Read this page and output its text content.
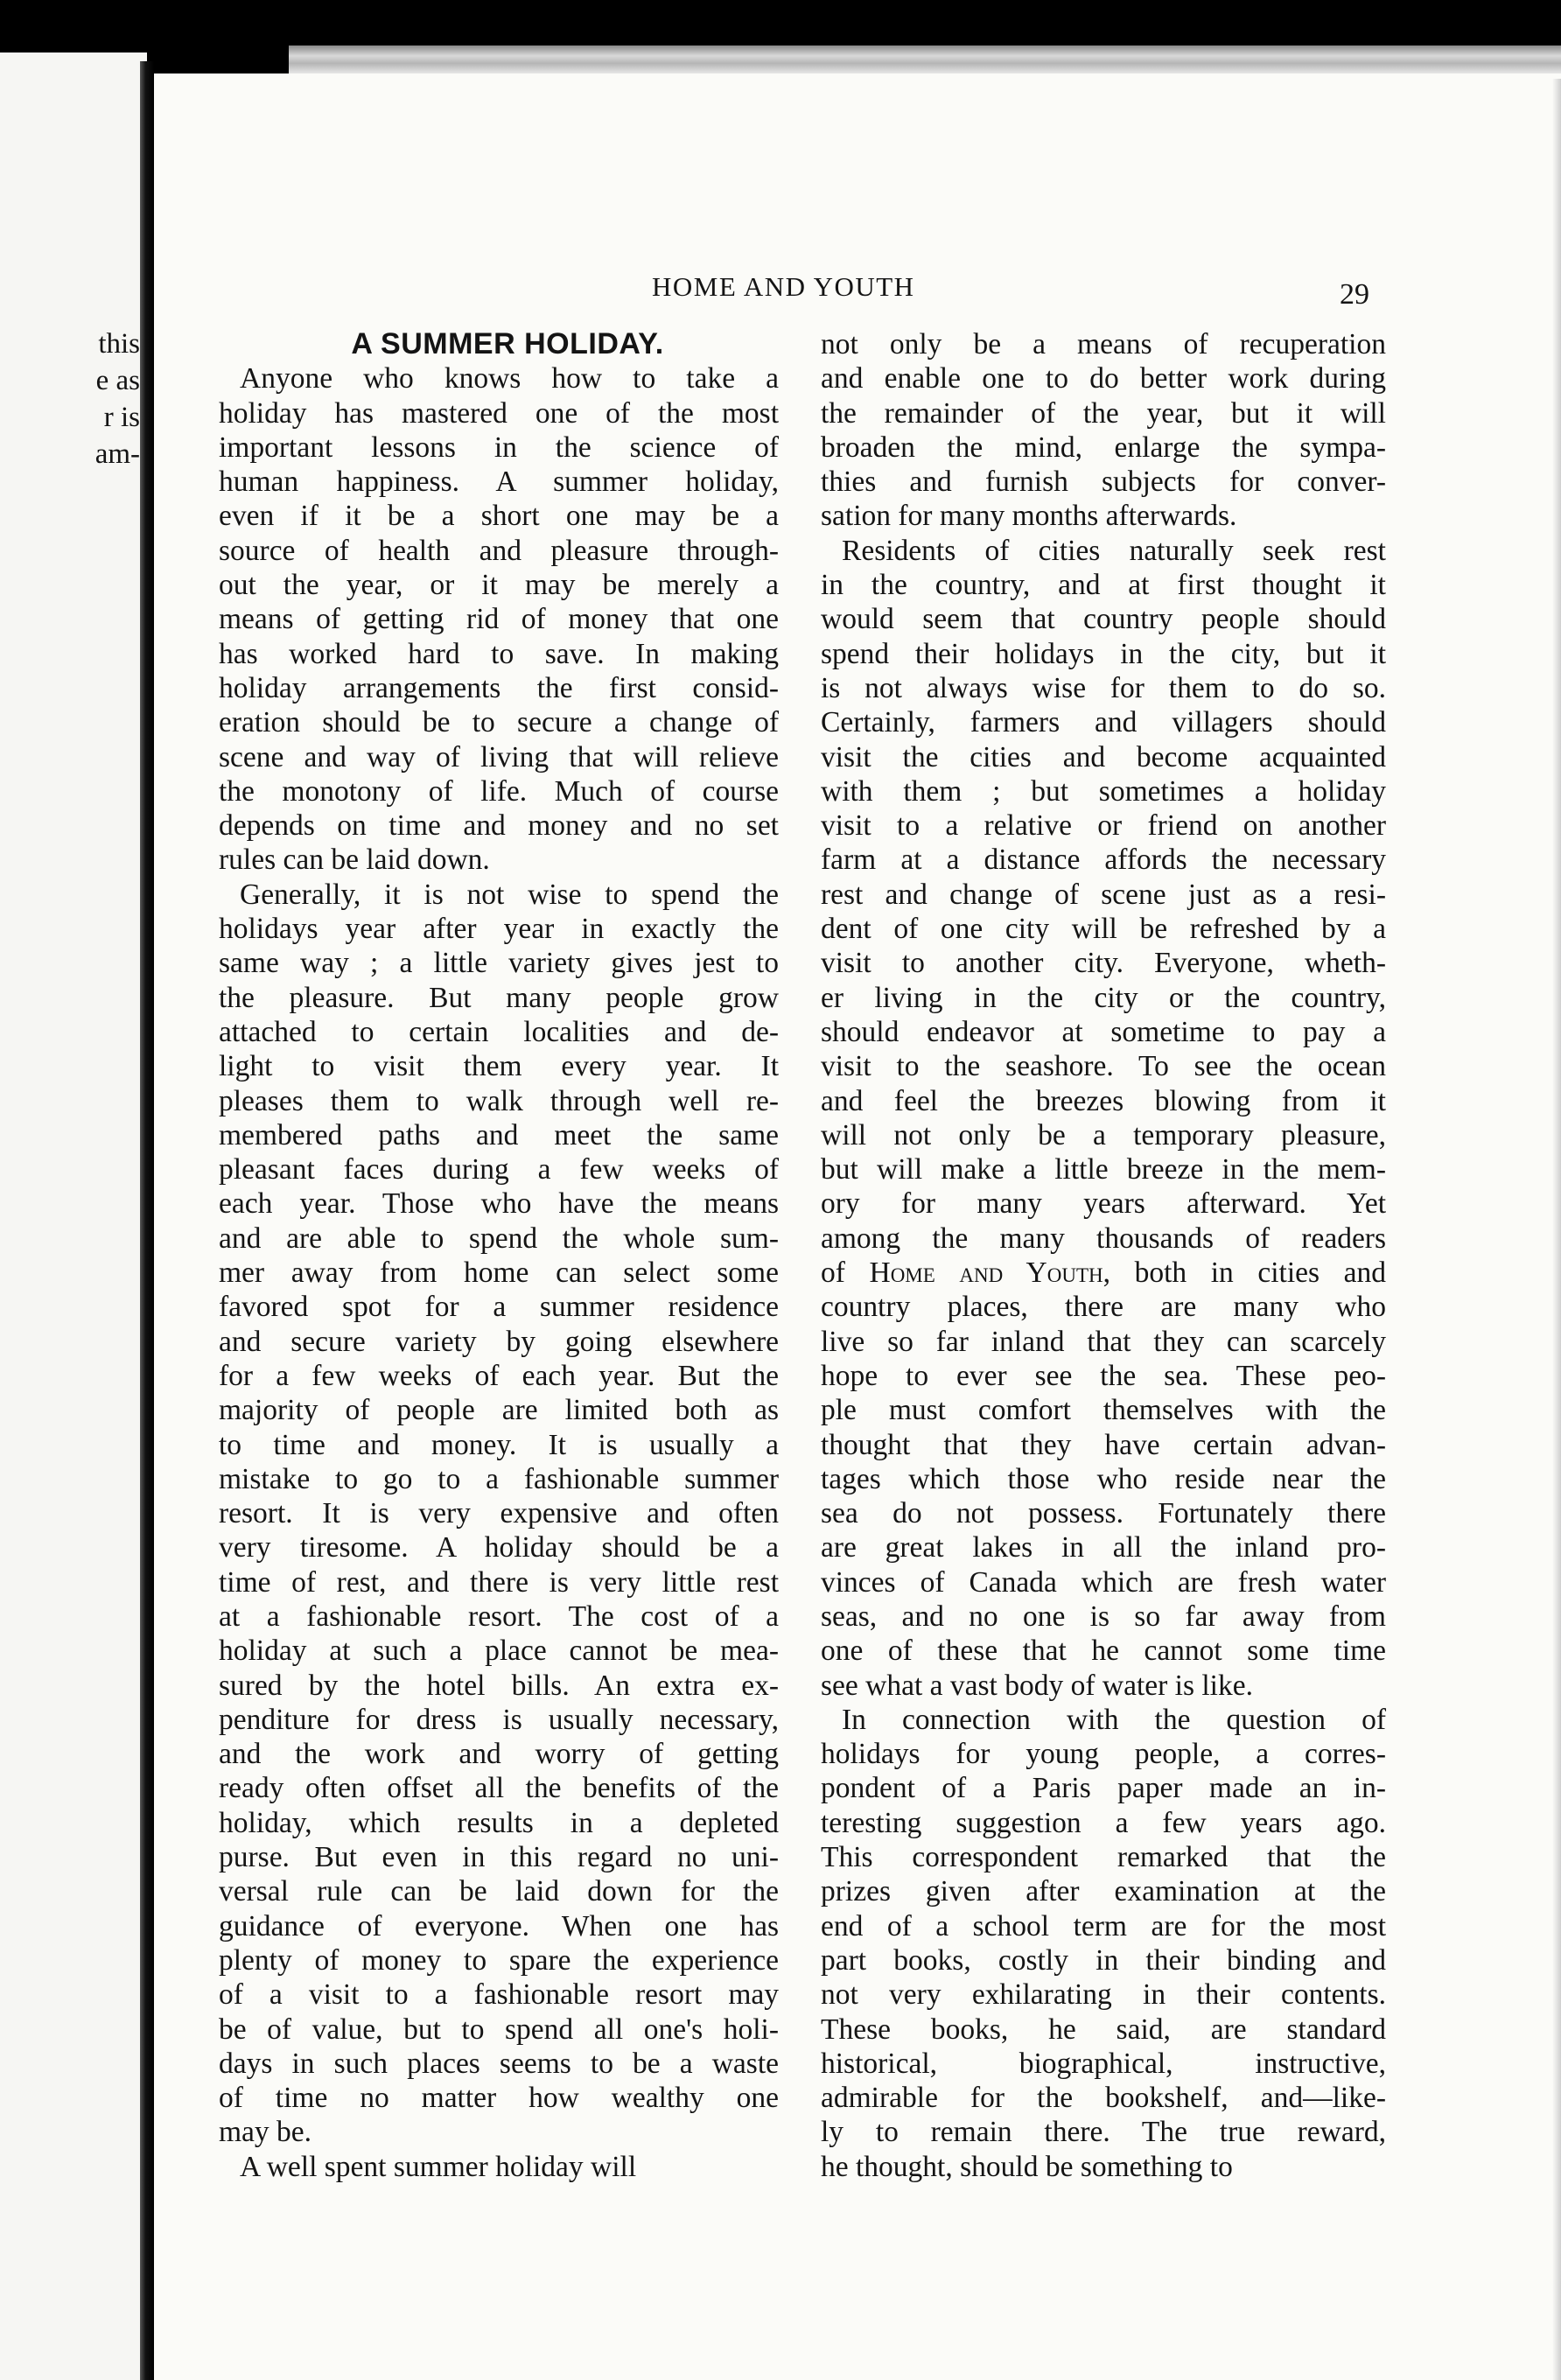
this
e as
r is
am-
HOME AND YOUTH	29
A SUMMER HOLIDAY.
Anyone who knows how to take a
holiday has mastered one of the most
important lessons in the science of
human happiness. A summer holiday,
even if it be a short one may be a
source of health and pleasure through-
out the year, or it may be merely a
means of getting rid of money that one
has worked hard to save. In making
holiday arrangements the first consid-
eration should be to secure a change of
scene and way of living that will relieve
the monotony of life. Much of course
depends on time and money and no set
rules can be laid down.
Generally, it is not wise to spend the
holidays year after year in exactly the
same way ; a little variety gives jest to
the pleasure. But many people grow
attached to certain localities and de-
light to visit them every year. It
pleases them to walk through well re-
membered paths and meet the same
pleasant faces during a few weeks of
each year. Those who have the means
and are able to spend the whole sum-
mer away from home can select some
favored spot for a summer residence
and secure variety by going elsewhere
for a few weeks of each year. But the
majority of people are limited both as
to time and money. It is usually a
mistake to go to a fashionable summer
resort. It is very expensive and often
very tiresome. A holiday should be a
time of rest, and there is very little rest
at a fashionable resort. The cost of a
holiday at such a place cannot be mea-
sured by the hotel bills. An extra ex-
penditure for dress is usually necessary,
and the work and worry of getting
ready often offset all the benefits of the
holiday, which results in a depleted
purse. But even in this regard no uni-
versal rule can be laid down for the
guidance of everyone. When one has
plenty of money to spare the experience
of a visit to a fashionable resort may
be of value, but to spend all one's holi-
days in such places seems to be a waste
of time no matter how wealthy one
may be.
A well spent summer holiday will
not only be a means of recuperation
and enable one to do better work during
the remainder of the year, but it will
broaden the mind, enlarge the sympa-
thies and furnish subjects for conver-
sation for many months afterwards.
Residents of cities naturally seek rest
in the country, and at first thought it
would seem that country people should
spend their holidays in the city, but it
is not always wise for them to do so.
Certainly, farmers and villagers should
visit the cities and become acquainted
with them ; but sometimes a holiday
visit to a relative or friend on another
farm at a distance affords the necessary
rest and change of scene just as a resi-
dent of one city will be refreshed by a
visit to another city. Everyone, wheth-
er living in the city or the country,
should endeavor at sometime to pay a
visit to the seashore. To see the ocean
and feel the breezes blowing from it
will not only be a temporary pleasure,
but will make a little breeze in the mem-
ory for many years afterward. Yet
among the many thousands of readers
of Home and Youth, both in cities and
country places, there are many who
live so far inland that they can scarcely
hope to ever see the sea. These peo-
ple must comfort themselves with the
thought that they have certain advan-
tages which those who reside near the
sea do not possess. Fortunately there
are great lakes in all the inland pro-
vinces of Canada which are fresh water
seas, and no one is so far away from
one of these that he cannot some time
see what a vast body of water is like.
In connection with the question of
holidays for young people, a corres-
pondent of a Paris paper made an in-
teresting suggestion a few years ago.
This correspondent remarked that the
prizes given after examination at the
end of a school term are for the most
part books, costly in their binding and
not very exhilarating in their contents.
These books, he said, are standard
historical, biographical, instructive,
admirable for the bookshelf, and—like-
ly to remain there. The true reward,
he thought, should be something to
